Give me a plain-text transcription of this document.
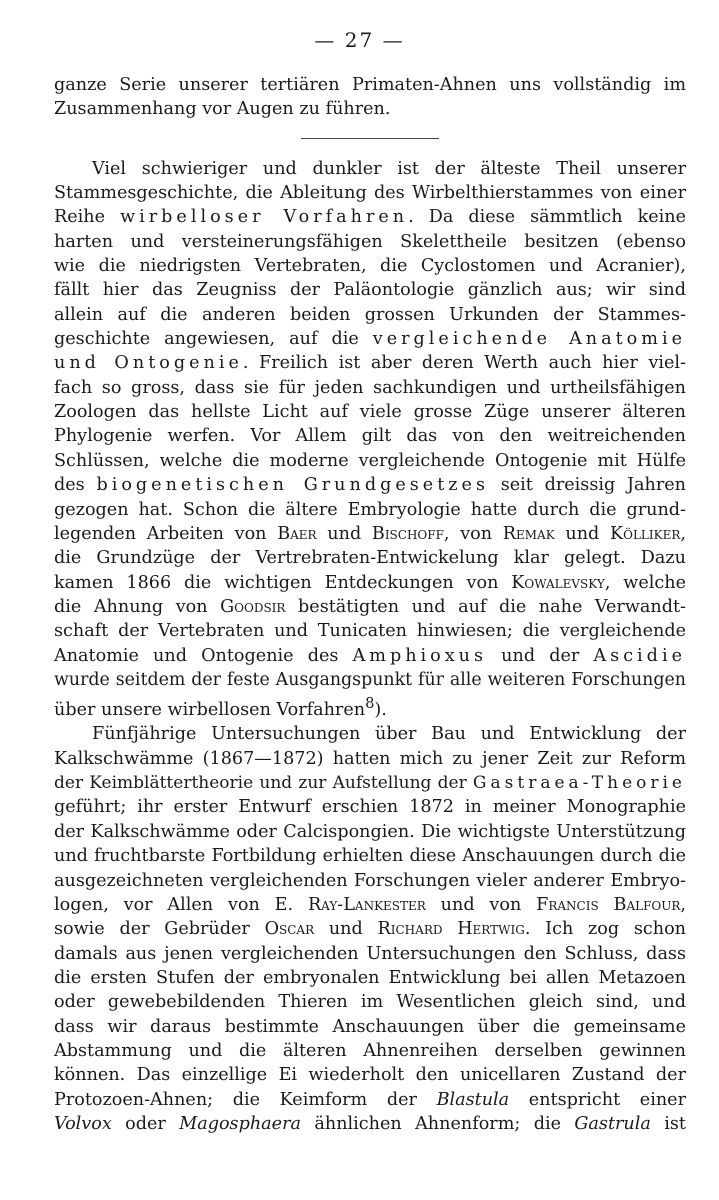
— 27 —
ganze Serie unserer tertiären Primaten-Ahnen uns vollständig im
Zusammenhang vor Augen zu führen.
Viel schwieriger und dunkler ist der älteste Theil unserer
Stammesgeschichte, die Ableitung des Wirbelthierstammes von einer
Reihe wirbelloser Vorfahren. Da diese sämmtlich keine
harten und versteinerungsfähigen Skelettheile besitzen (ebenso
wie die niedrigsten Vertebraten, die Cyclostomen und Acranier),
fällt hier das Zeugniss der Paläontologie gänzlich aus; wir sind
allein auf die anderen beiden grossen Urkunden der Stammes-
geschichte angewiesen, auf die vergleichende Anatomie
und Ontogenie. Freilich ist aber deren Werth auch hier viel-
fach so gross, dass sie für jeden sachkundigen und urtheilsfähigen
Zoologen das hellste Licht auf viele grosse Züge unserer älteren
Phylogenie werfen. Vor Allem gilt das von den weitreichenden
Schlüssen, welche die moderne vergleichende Ontogenie mit Hülfe
des biogenetischen Grundgesetzes seit dreissig Jahren
gezogen hat. Schon die ältere Embryologie hatte durch die grund-
legenden Arbeiten von Baer und Bischoff, von Remak und Kölliker,
die Grundzüge der Vertrebraten-Entwickelung klar gelegt. Dazu
kamen 1866 die wichtigen Entdeckungen von Kowalevsky, welche
die Ahnung von Goodsir bestätigten und auf die nahe Verwandt-
schaft der Vertebraten und Tunicaten hinwiesen; die vergleichende
Anatomie und Ontogenie des Amphioxus und der Ascidie
wurde seitdem der feste Ausgangspunkt für alle weiteren Forschungen
über unsere wirbellosen Vorfahren$^8$).
Fünfjährige Untersuchungen über Bau und Entwicklung der
Kalkschwämme (1867—1872) hatten mich zu jener Zeit zur Reform
der Keimblättertheorie und zur Aufstellung der Gastraea-Theorie
geführt; ihr erster Entwurf erschien 1872 in meiner Monographie
der Kalkschwämme oder Calcispongien. Die wichtigste Unterstützung
und fruchtbarste Fortbildung erhielten diese Anschauungen durch die
ausgezeichneten vergleichenden Forschungen vieler anderer Embryo-
logen, vor Allen von E. Ray-Lankester und von Francis Balfour,
sowie der Gebrüder Oscar und Richard Hertwig. Ich zog schon
damals aus jenen vergleichenden Untersuchungen den Schluss, dass
die ersten Stufen der embryonalen Entwicklung bei allen Metazoen
oder gewebebildenden Thieren im Wesentlichen gleich sind, und
dass wir daraus bestimmte Anschauungen über die gemeinsame
Abstammung und die älteren Ahnenreihen derselben gewinnen
können. Das einzellige Ei wiederholt den unicellaren Zustand der
Protozoen-Ahnen; die Keimform der Blastula entspricht einer
Volvox oder Magosphaera ähnlichen Ahnenform; die Gastrula ist
